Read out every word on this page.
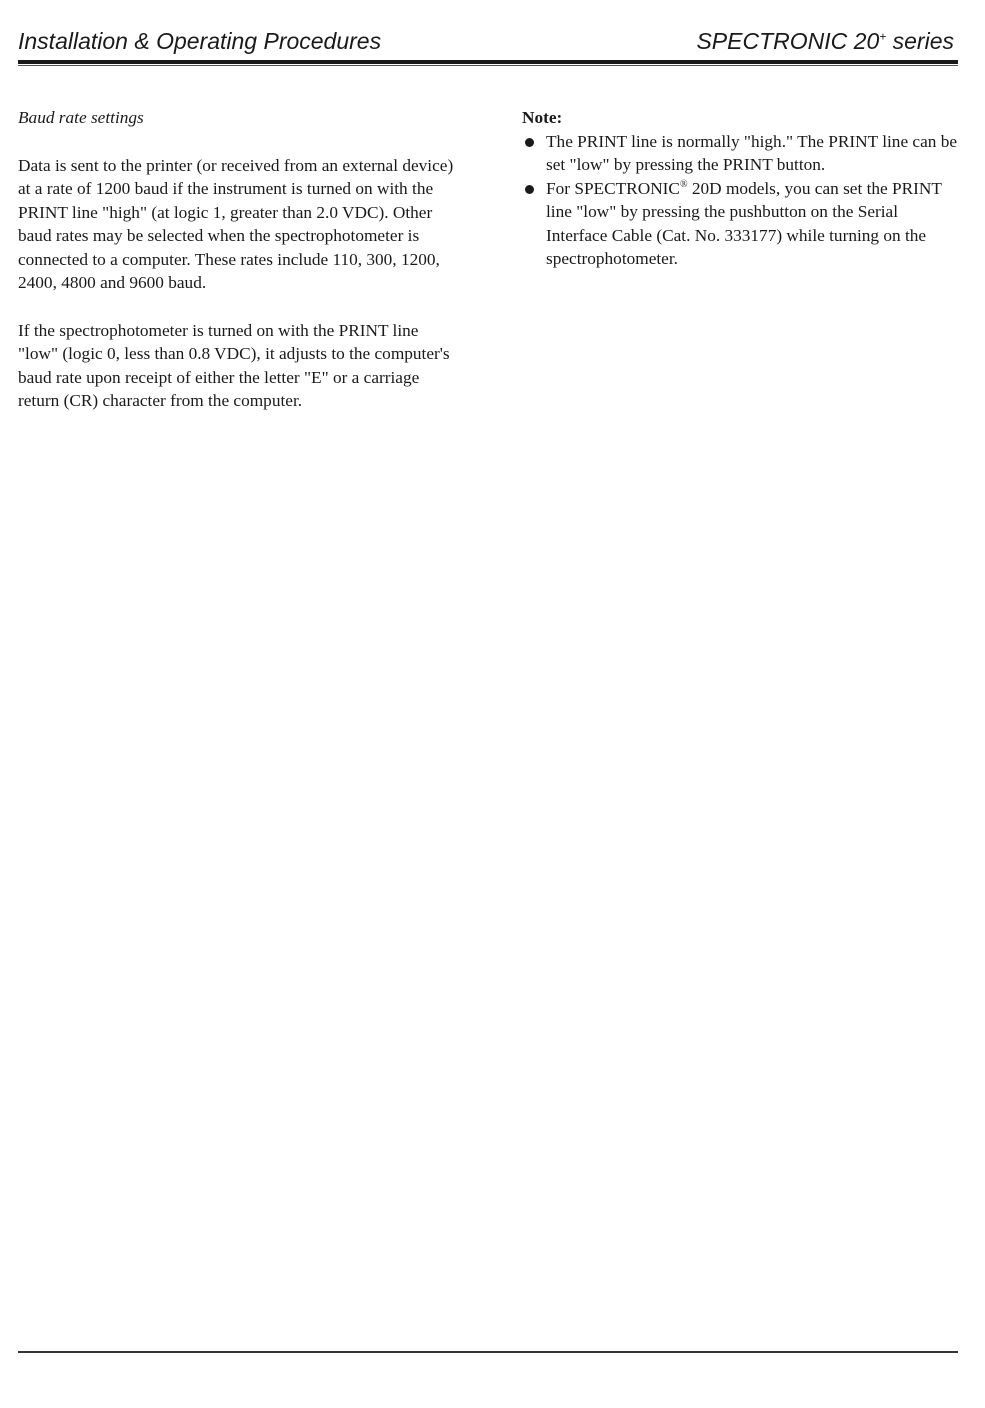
Installation & Operating Procedures	SPECTRONIC 20+ series

Baud rate settings

Data is sent to the printer (or received from an external device) at a rate of 1200 baud if the instrument is turned on with the PRINT line "high" (at logic 1, greater than 2.0 VDC). Other baud rates may be selected when the spectrophotometer is connected to a computer. These rates include 110, 300, 1200, 2400, 4800 and 9600 baud.

If the spectrophotometer is turned on with the PRINT line "low" (logic 0, less than 0.8 VDC), it adjusts to the computer's baud rate upon receipt of either the letter "E" or a carriage return (CR) character from the computer.

Note:

The PRINT line is normally "high." The PRINT line can be set "low" by pressing the PRINT button.
For SPECTRONIC® 20D models, you can set the PRINT line "low" by pressing the pushbutton on the Serial Interface Cable (Cat. No. 333177) while turning on the spectrophotometer.
